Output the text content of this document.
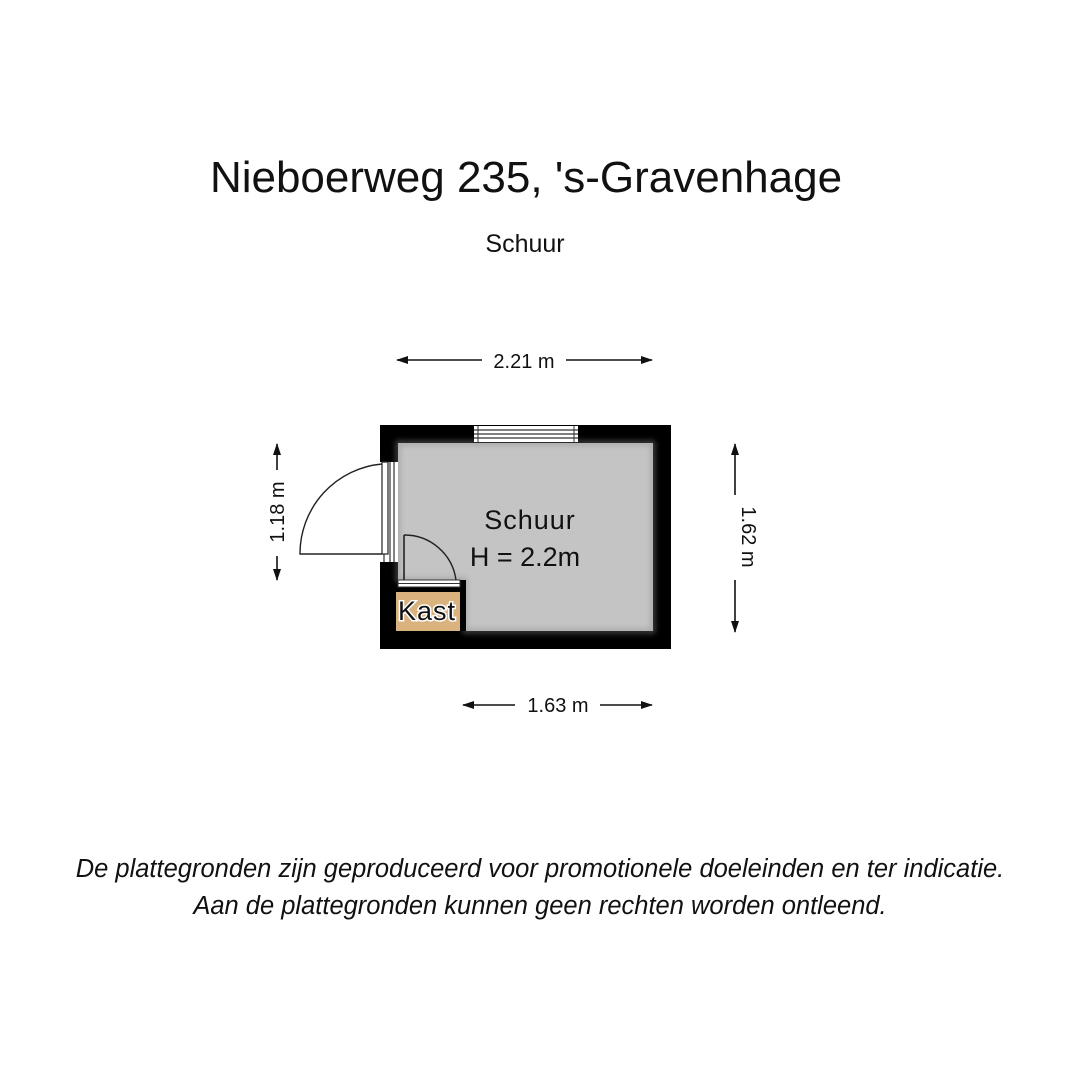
Nieboerweg 235, 's-Gravenhage
Schuur
Schuur
H = 2.2m
Kast
2.21 m
1.63 m
1.18 m	1.62 m
De plattegronden zijn geproduceerd voor promotionele doeleinden en ter indicatie.
Aan de plattegronden kunnen geen rechten worden ontleend.
